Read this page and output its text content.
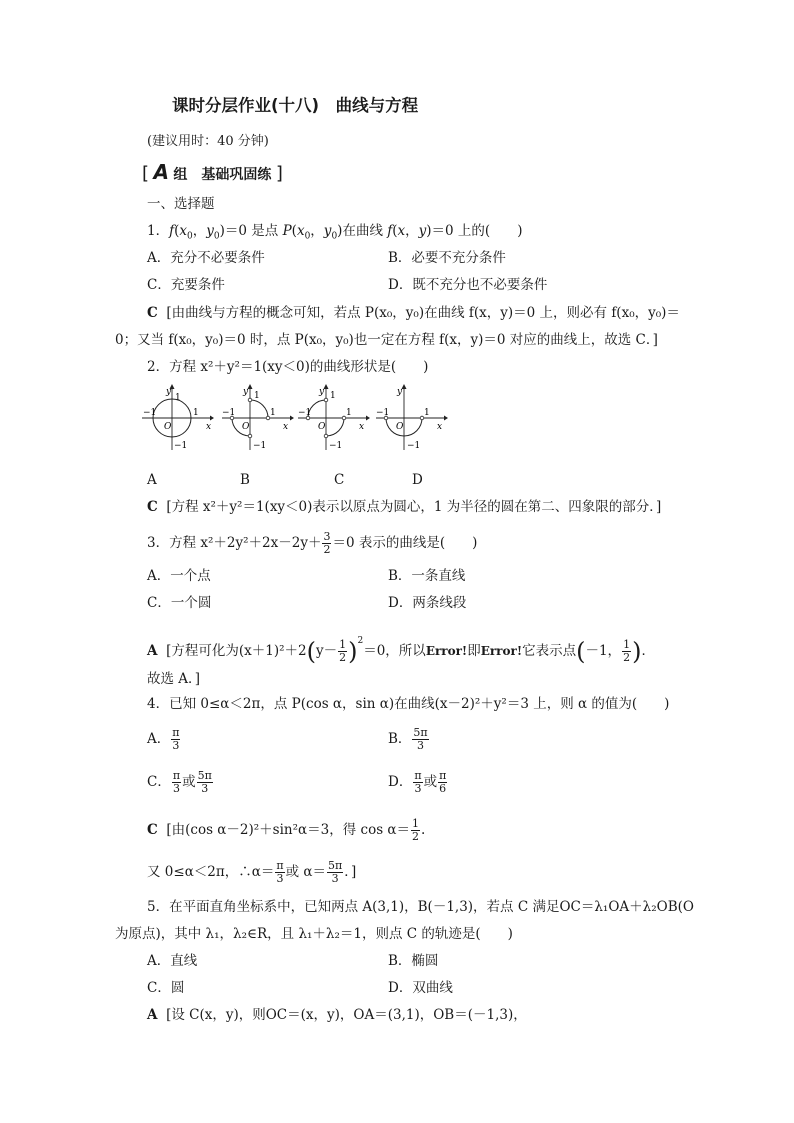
课时分层作业(十八)　曲线与方程
(建议用时：40 分钟)
[ A 组　基础巩固练 ]
一、选择题
1．$f(x_0$，$y_0)=0$ 是点 $P(x_0$，$y_0$)在曲线 f(x，y)＝0 上的(　　)
A．充分不必要条件	B．必要不充分条件
C．充要条件	D．既不充分也不必要条件
C [由曲线与方程的概念可知，若点 P(x₀，y₀)在曲线 f(x，y)＝0 上，则必有 f(x₀，y₀)＝
0；又当 f(x₀，y₀)＝0 时，点 P(x₀，y₀)也一定在方程 f(x，y)＝0 对应的曲线上，故选 C．]
2．方程 x²＋y²＝1(xy＜0)的曲线形状是(　　)
y
1
−1	1
O	x
−1
y 1
−1	1
O	x
−1
y 1
−1	1
O	x
−1
y
−1	1
O	x
−1
A	B	C	D
C [方程 x²＋y²＝1(xy＜0)表示以原点为圆心，1 为半径的圆在第二、四象限的部分．]
3．方程 $x^2+2y^2+2x-2y+ \frac{3}{2} =0$ 表示的曲线是(　　)
A．一个点	B．一条直线
C．一个圆	D．两条线段
A [方程可化为$(x+1)^2+2(y- \frac{1}{2} )^2=0$，所以Error!即Error!它表示点(－1， $\frac{1}{2}$ )．
故选 A．]
4．已知 0≤α＜2π，点 P(cos α，sin α)在曲线(x－2)²＋y²＝3 上，则 α 的值为(　　)
A． $\frac{\pi}{3}$	B． $\frac{5\pi}{3}$
C． $\frac{\pi}{3}$ 或 $\frac{5\pi}{3}$	D． $\frac{\pi}{3}$ 或 $\frac{\pi}{6}$
C [由(cos α－2)²＋sin²α＝3，得 $\cos \alpha= \frac{1}{2}$ .
又 0≤α＜2π，∴α＝ $\frac{\pi}{3}$ 或 $\alpha= \frac{5\pi}{3}$ ．]
5．在平面直角坐标系中，已知两点 A(3,1)，B(－1,3)，若点 C 满足OC＝λ₁OA＋λ₂OB(O
为原点)，其中 λ₁，λ₂∈R，且 λ₁＋λ₂＝1，则点 C 的轨迹是(　　)
A．直线	B．椭圆
C．圆	D．双曲线
A [设 C(x，y)，则OC＝(x，y)，OA＝(3,1)，OB＝(－1,3)，
